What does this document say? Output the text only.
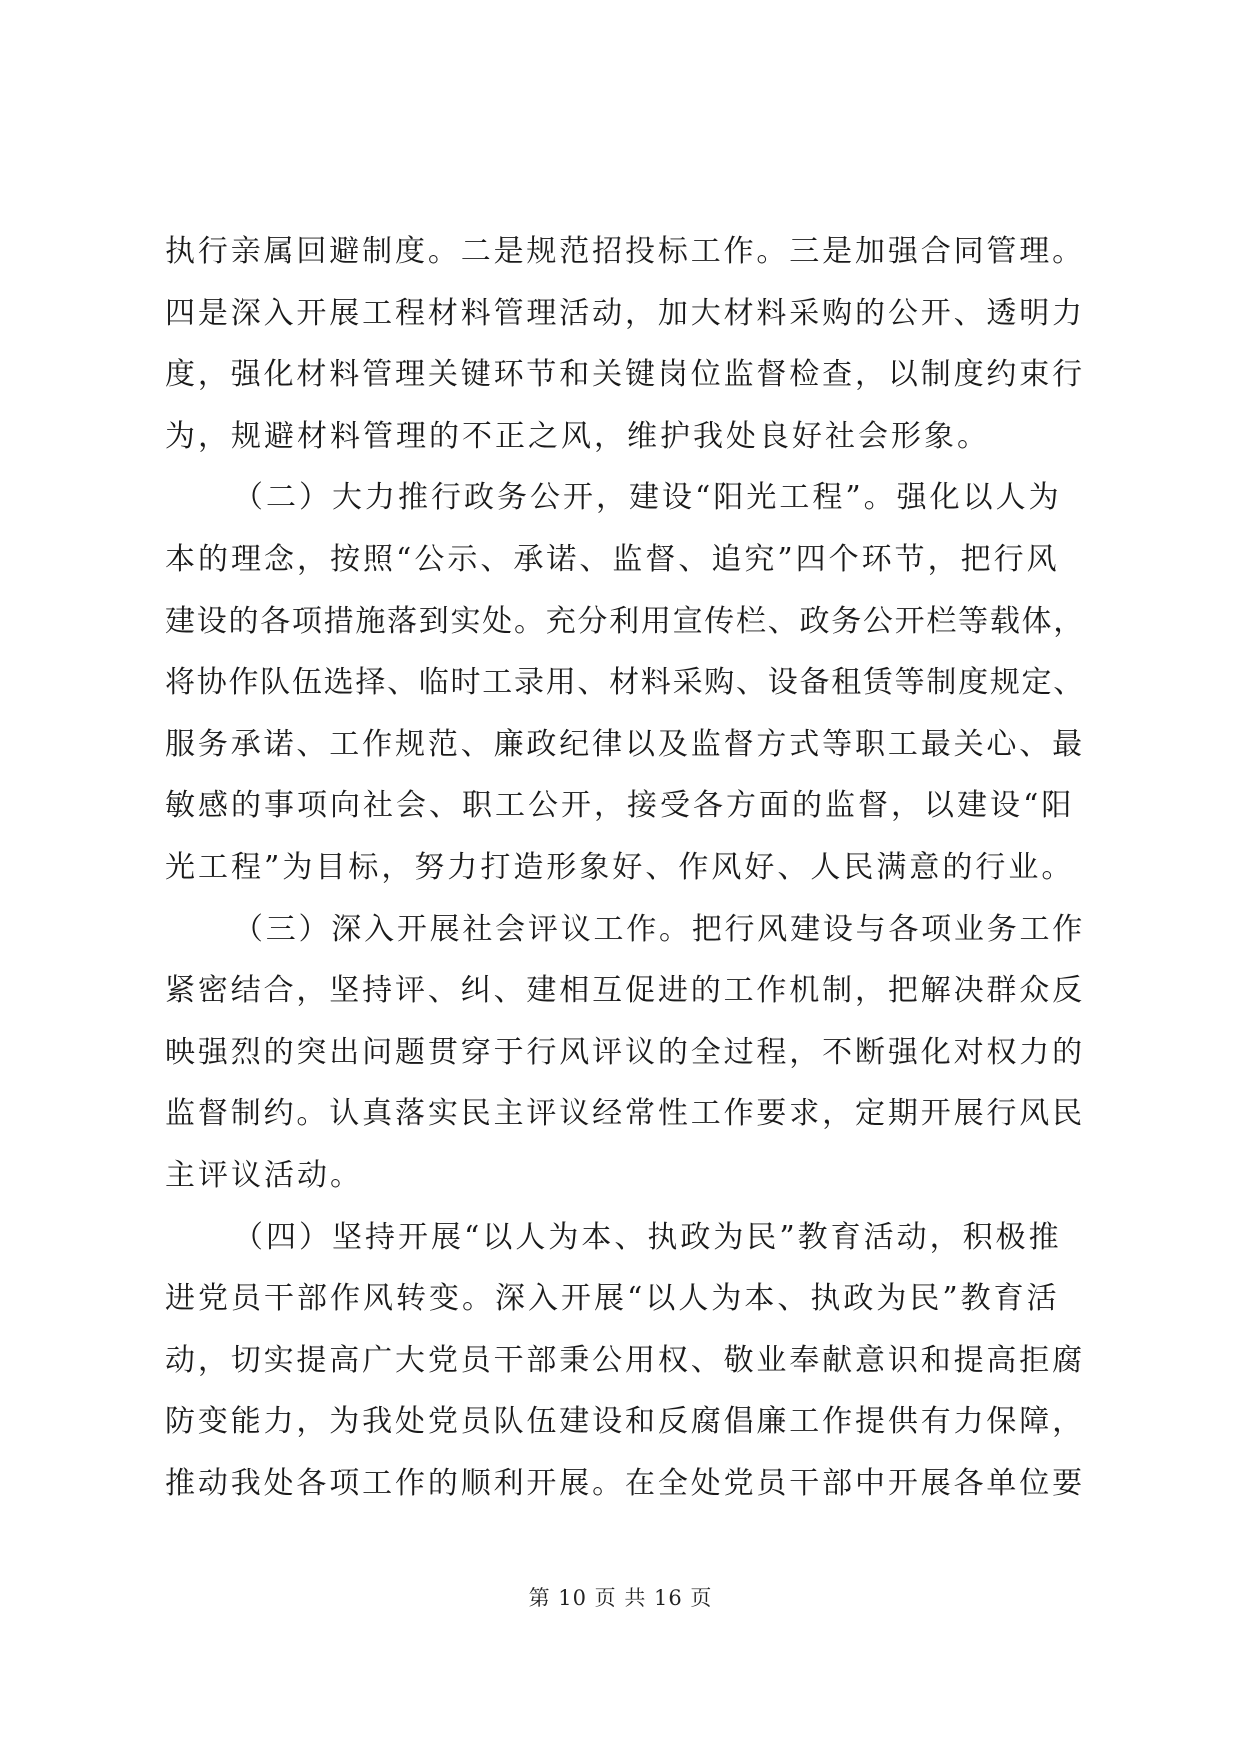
执行亲属回避制度。二是规范招投标工作。三是加强合同管理。
四是深入开展工程材料管理活动，加大材料采购的公开、透明力
度，强化材料管理关键环节和关键岗位监督检查，以制度约束行
为，规避材料管理的不正之风，维护我处良好社会形象。
（二）大力推行政务公开，建设“阳光工程”。强化以人为
本的理念，按照“公示、承诺、监督、追究”四个环节，把行风
建设的各项措施落到实处。充分利用宣传栏、政务公开栏等载体，
将协作队伍选择、临时工录用、材料采购、设备租赁等制度规定、
服务承诺、工作规范、廉政纪律以及监督方式等职工最关心、最
敏感的事项向社会、职工公开，接受各方面的监督，以建设“阳
光工程”为目标，努力打造形象好、作风好、人民满意的行业。
（三）深入开展社会评议工作。把行风建设与各项业务工作
紧密结合，坚持评、纠、建相互促进的工作机制，把解决群众反
映强烈的突出问题贯穿于行风评议的全过程，不断强化对权力的
监督制约。认真落实民主评议经常性工作要求，定期开展行风民
主评议活动。
（四）坚持开展“以人为本、执政为民”教育活动，积极推
进党员干部作风转变。深入开展“以人为本、执政为民”教育活
动，切实提高广大党员干部秉公用权、敬业奉献意识和提高拒腐
防变能力，为我处党员队伍建设和反腐倡廉工作提供有力保障，
推动我处各项工作的顺利开展。在全处党员干部中开展各单位要
第 10 页 共 16 页
